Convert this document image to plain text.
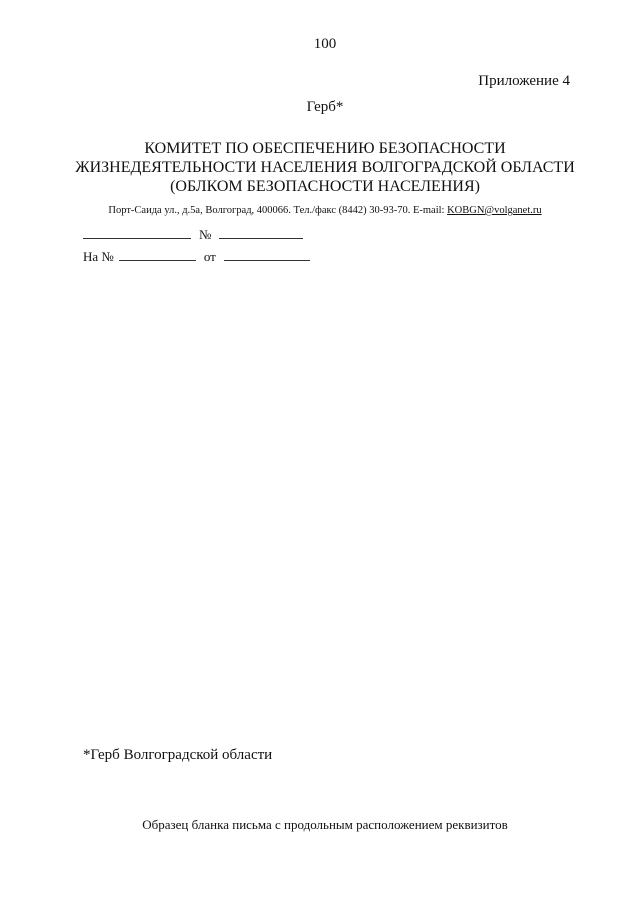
100
Приложение 4
Герб*
КОМИТЕТ ПО ОБЕСПЕЧЕНИЮ БЕЗОПАСНОСТИ
ЖИЗНЕДЕЯТЕЛЬНОСТИ НАСЕЛЕНИЯ ВОЛГОГРАДСКОЙ ОБЛАСТИ
(ОБЛКОМ БЕЗОПАСНОСТИ НАСЕЛЕНИЯ)
Порт-Саида ул., д.5а, Волгоград, 400066. Тел./факс (8442) 30-93-70. E-mail: KOBGN@volganet.ru
№
На №	от
*Герб Волгоградской области
Образец бланка письма с продольным расположением реквизитов
